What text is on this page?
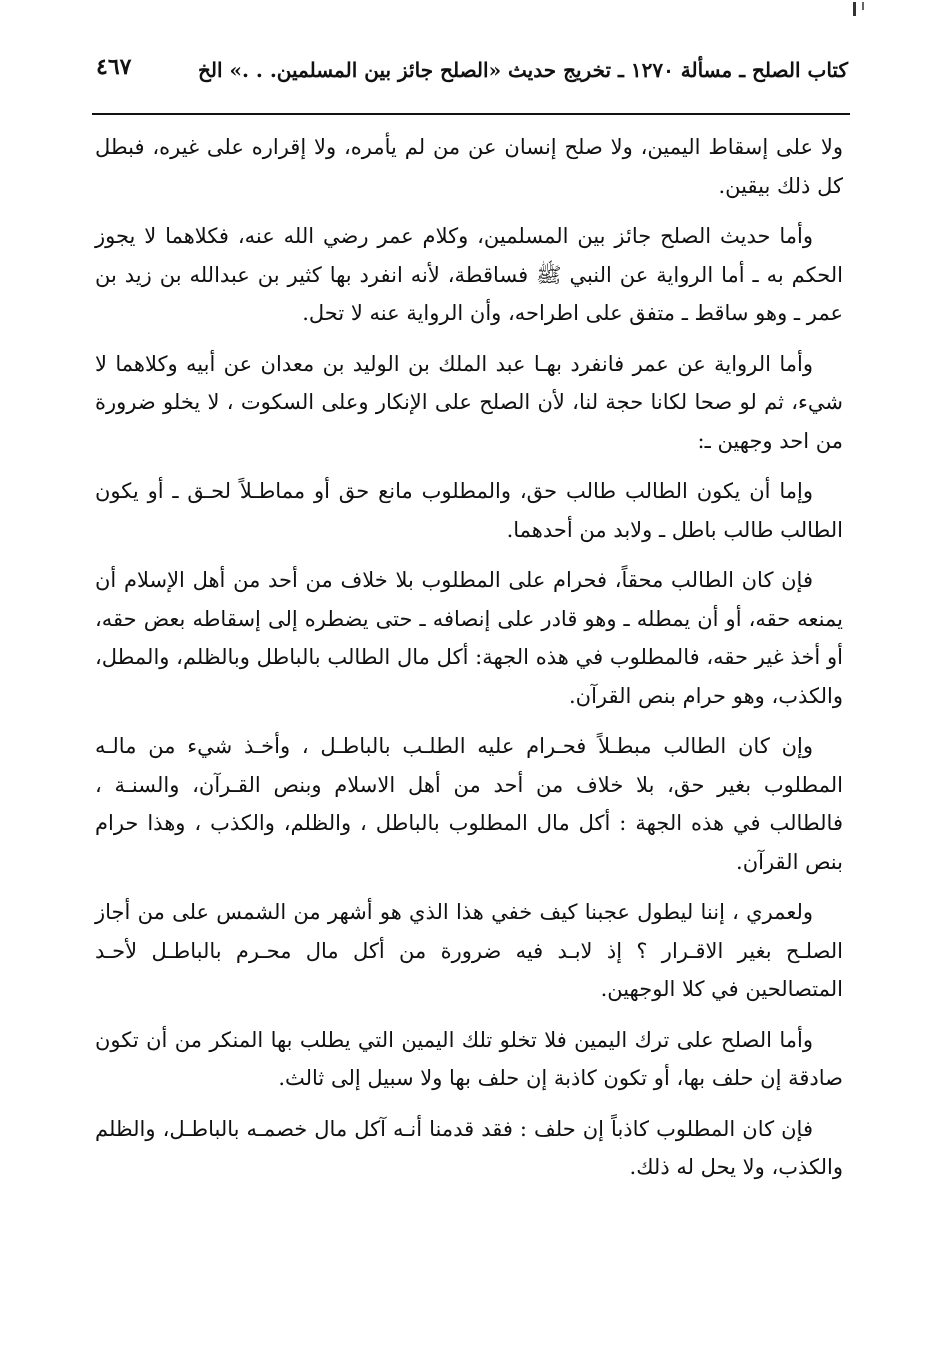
كتاب الصلح ـ مسألة ١٢٧٠ ـ تخريج حديث «الصلح جائز بين المسلمين. . .» الخ
٤٦٧

ولا على إسقاط اليمين، ولا صلح إنسان عن من لم يأمره، ولا إقراره على غيره، فبطل كل ذلك بيقين.

وأما حديث الصلح جائز بين المسلمين، وكلام عمر رضي الله عنه، فكلاهما لا يجوز الحكم به ـ أما الرواية عن النبي ﷺ فساقطة، لأنه انفرد بها كثير بن عبدالله بن زيد بن عمر ـ وهو ساقط ـ متفق على اطراحه، وأن الرواية عنه لا تحل.

وأما الرواية عن عمر فانفرد بهـا عبد الملك بن الوليد بن معدان عن أبيه وكلاهما لا شيء، ثم لو صحا لكانا حجة لنا، لأن الصلح على الإنكار وعلى السكوت ، لا يخلو ضرورة من احد وجهين ـ:

وإما أن يكون الطالب طالب حق، والمطلوب مانع حق أو مماطـلاً لحـق ـ أو يكون الطالب طالب باطل ـ ولابد من أحدهما.

فإن كان الطالب محقاً، فحرام على المطلوب بلا خلاف من أحد من أهل الإسلام أن يمنعه حقه، أو أن يمطله ـ وهو قادر على إنصافه ـ حتى يضطره إلى إسقاطه بعض حقه، أو أخذ غير حقه، فالمطلوب في هذه الجهة: أكل مال الطالب بالباطل وبالظلم، والمطل، والكذب، وهو حرام بنص القرآن.

وإن كان الطالب مبطـلاً فحـرام عليه الطلـب بالباطـل ، وأخـذ شيء من مالـه المطلوب بغير حق، بلا خلاف من أحد من أهل الاسلام وبنص القـرآن، والسنـة ، فالطالب في هذه الجهة : أكل مال المطلوب بالباطل ، والظلم، والكذب ، وهذا حرام بنص القرآن.

ولعمري ، إننا ليطول عجبنا كيف خفي هذا الذي هو أشهر من الشمس على من أجاز الصلـح بغير الاقـرار ؟ إذ لابـد فيه ضرورة من أكل مال محـرم بالباطـل لأحـد المتصالحين في كلا الوجهين.

وأما الصلح على ترك اليمين فلا تخلو تلك اليمين التي يطلب بها المنكر من أن تكون صادقة إن حلف بها، أو تكون كاذبة إن حلف بها ولا سبيل إلى ثالث.

فإن كان المطلوب كاذباً إن حلف : فقد قدمنا أنـه آكل مال خصمـه بالباطـل، والظلم والكذب، ولا يحل له ذلك.
